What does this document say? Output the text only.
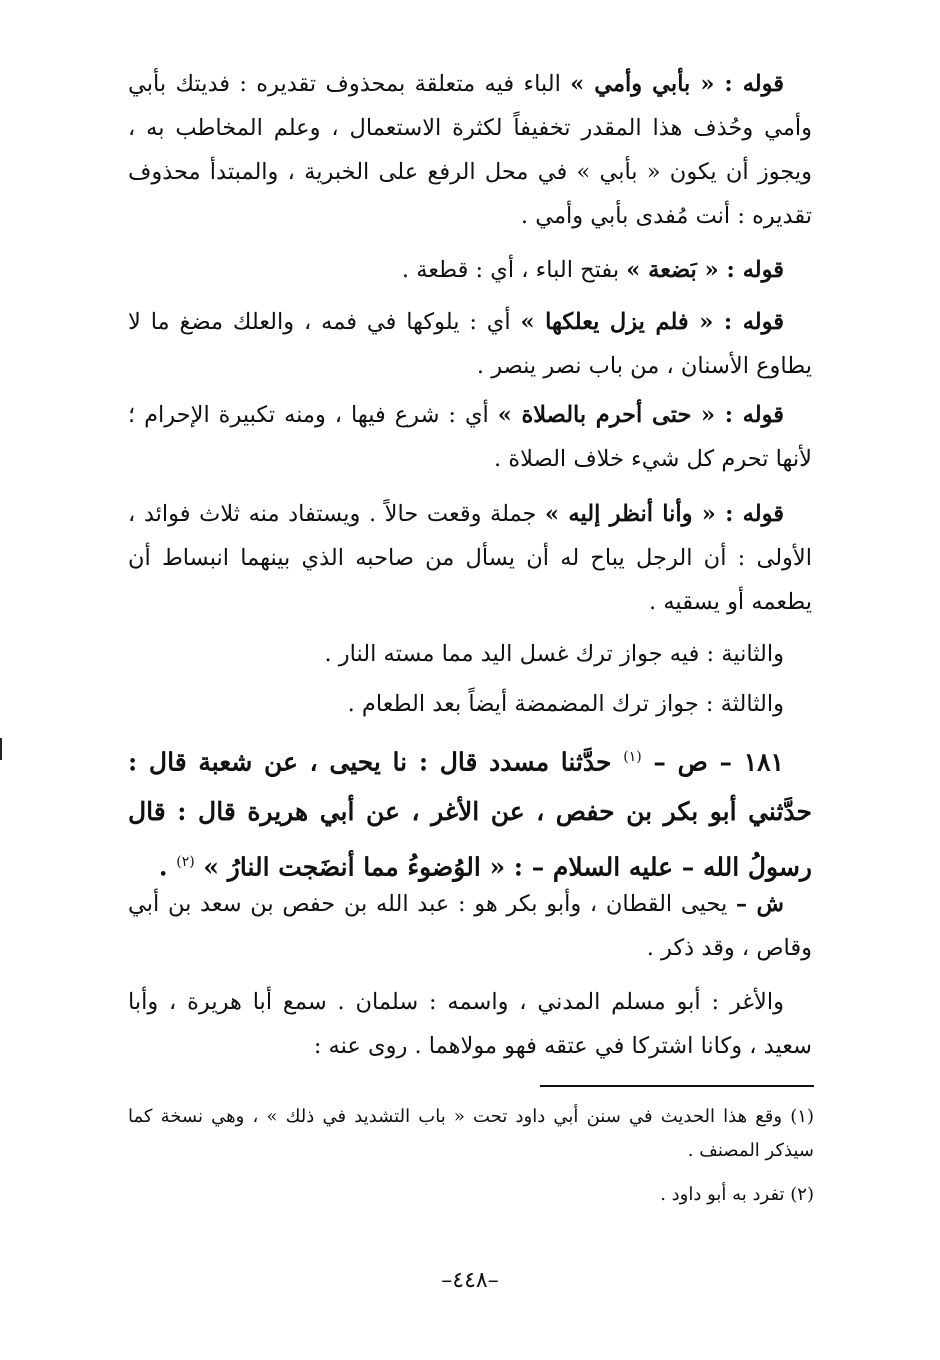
قوله : « بأبي وأمي » الباء فيه متعلقة بمحذوف تقديره : فديتك بأبي وأمي وحُذف هذا المقدر تخفيفاً لكثرة الاستعمال ، وعلم المخاطب به ، ويجوز أن يكون « بأبي » في محل الرفع على الخبرية ، والمبتدأ محذوف تقديره : أنت مُفدى بأبي وأمي .

قوله : « بَضعة » بفتح الباء ، أي : قطعة .

قوله : « فلم يزل يعلكها » أي : يلوكها في فمه ، والعلك مضغ ما لا يطاوع الأسنان ، من باب نصر ينصر .

قوله : « حتى أحرم بالصلاة » أي : شرع فيها ، ومنه تكبيرة الإحرام ؛ لأنها تحرم كل شيء خلاف الصلاة .

قوله : « وأنا أنظر إليه » جملة وقعت حالاً . ويستفاد منه ثلاث فوائد ، الأولى : أن الرجل يباح له أن يسأل من صاحبه الذي بينهما انبساط أن يطعمه أو يسقيه .

والثانية : فيه جواز ترك غسل اليد مما مسته النار .

والثالثة : جواز ترك المضمضة أيضاً بعد الطعام .

١٨١ – ص – $^{(١)}$ حدَّثنا مسدد قال : نا يحيى ، عن شعبة قال : حدَّثني أبو بكر بن حفص ، عن الأغر ، عن أبي هريرة قال : قال رسولُ الله – عليه السلام – : « الوُضوءُ مما أنضَجت النارُ » $^{(٢)}$ .

ش – يحيى القطان ، وأبو بكر هو : عبد الله بن حفص بن سعد بن أبي وقاص ، وقد ذكر .

والأغر : أبو مسلم المدني ، واسمه : سلمان . سمع أبا هريرة ، وأبا سعيد ، وكانا اشتركا في عتقه فهو مولاهما . روى عنه :

(١) وقع هذا الحديث في سنن أبي داود تحت « باب التشديد في ذلك » ، وهي نسخة كما سيذكر المصنف .

(٢) تفرد به أبو داود .

–٤٤٨–
